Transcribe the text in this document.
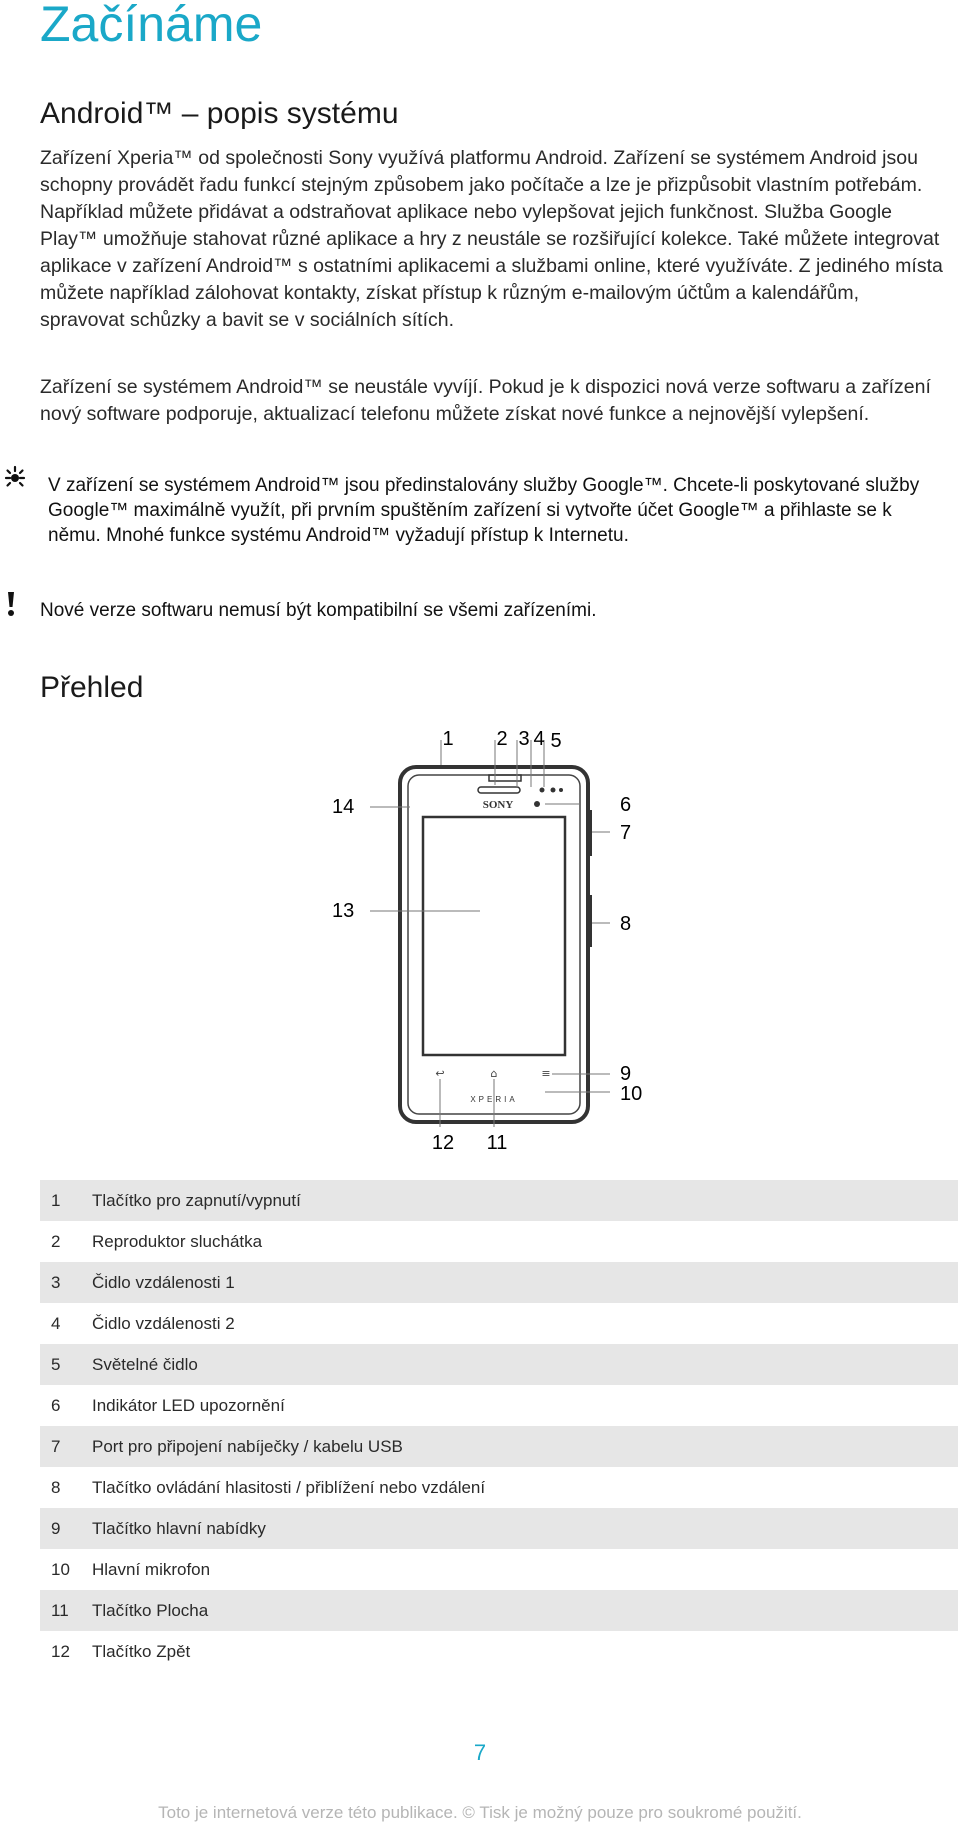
Začínáme
Android™ – popis systému

Zařízení Xperia™ od společnosti Sony využívá platformu Android. Zařízení se systémem Android jsou schopny provádět řadu funkcí stejným způsobem jako počítače a lze je přizpůsobit vlastním potřebám. Například můžete přidávat a odstraňovat aplikace nebo vylepšovat jejich funkčnost. Služba Google Play™ umožňuje stahovat různé aplikace a hry z neustále se rozšiřující kolekce. Také můžete integrovat aplikace v zařízení Android™ s ostatními aplikacemi a službami online, které využíváte. Z jediného místa můžete například zálohovat kontakty, získat přístup k různým e-mailovým účtům a kalendářům, spravovat schůzky a bavit se v sociálních sítích.

Zařízení se systémem Android™ se neustále vyvíjí. Pokud je k dispozici nová verze softwaru a zařízení nový software podporuje, aktualizací telefonu můžete získat nové funkce a nejnovější vylepšení.

V zařízení se systémem Android™ jsou předinstalovány služby Google™. Chcete-li poskytované služby Google™ maximálně využít, při prvním spuštěním zařízení si vytvořte účet Google™ a přihlaste se k němu. Mnohé funkce systému Android™ vyžadují přístup k Internetu.
Nové verze softwaru nemusí být kompatibilní se všemi zařízeními.
Přehled
SONY
XPERIA
↩	⌂	≡
1 2 3 4 5
6
7
8
9
10
11
12
13
14
1	Tlačítko pro zapnutí/vypnutí
2	Reproduktor sluchátka
3	Čidlo vzdálenosti 1
4	Čidlo vzdálenosti 2
5	Světelné čidlo
6	Indikátor LED upozornění
7	Port pro připojení nabíječky / kabelu USB
8	Tlačítko ovládání hlasitosti / přiblížení nebo vzdálení
9	Tlačítko hlavní nabídky
10	Hlavní mikrofon
11	Tlačítko Plocha
12	Tlačítko Zpět
7
Toto je internetová verze této publikace. © Tisk je možný pouze pro soukromé použití.
